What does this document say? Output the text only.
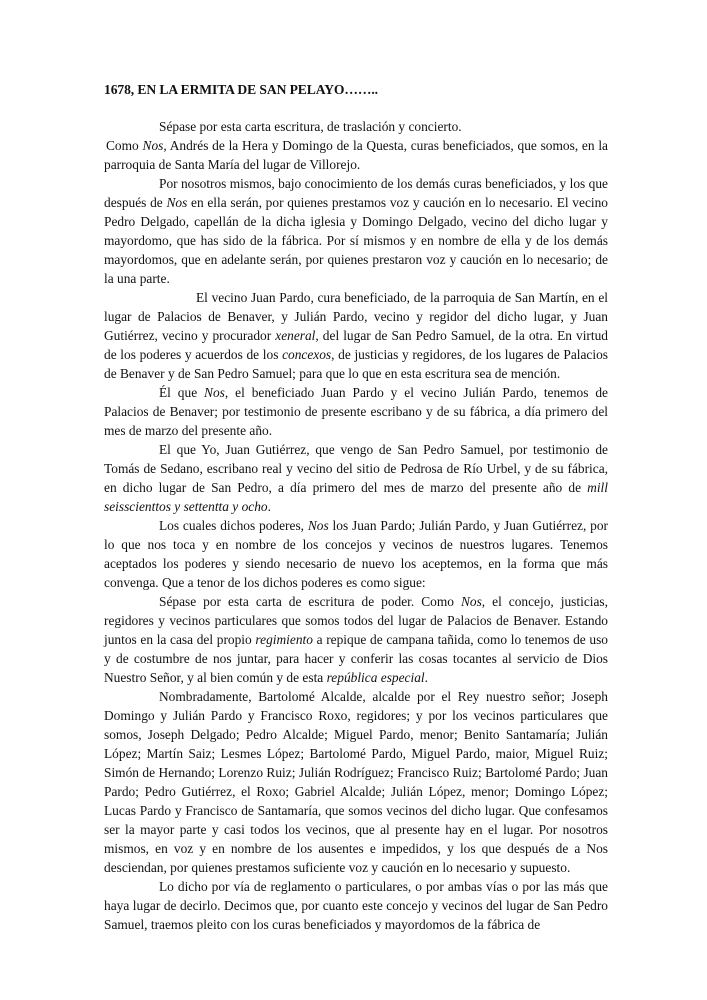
1678, EN LA ERMITA DE SAN PELAYO……..

Sépase por esta carta escritura, de traslación y concierto.

Como Nos, Andrés de la Hera y Domingo de la Questa, curas beneficiados, que somos, en la parroquia de Santa María del lugar de Villorejo.

Por nosotros mismos, bajo conocimiento de los demás curas beneficiados, y los que después de Nos en ella serán, por quienes prestamos voz y caución en lo necesario. El vecino Pedro Delgado, capellán de la dicha iglesia y Domingo Delgado, vecino del dicho lugar y mayordomo, que has sido de la fábrica. Por sí mismos y en nombre de ella y de los demás mayordomos, que en adelante serán, por quienes prestaron voz y caución en lo necesario; de la una parte.

El vecino Juan Pardo, cura beneficiado, de la parroquia de San Martín, en el lugar de Palacios de Benaver, y Julián Pardo, vecino y regidor del dicho lugar, y Juan Gutiérrez, vecino y procurador xeneral, del lugar de San Pedro Samuel, de la otra. En virtud de los poderes y acuerdos de los concexos, de justicias y regidores, de los lugares de Palacios de Benaver y de San Pedro Samuel; para que lo que en esta escritura sea de mención.

Él que Nos, el beneficiado Juan Pardo y el vecino Julián Pardo, tenemos de Palacios de Benaver; por testimonio de presente escribano y de su fábrica, a día primero del mes de marzo del presente año.

El que Yo, Juan Gutiérrez, que vengo de San Pedro Samuel, por testimonio de Tomás de Sedano, escribano real y vecino del sitio de Pedrosa de Río Urbel, y de su fábrica, en dicho lugar de San Pedro, a día primero del mes de marzo del presente año de mill seisscienttos y settentta y ocho.

Los cuales dichos poderes, Nos los Juan Pardo; Julián Pardo, y Juan Gutiérrez, por lo que nos toca y en nombre de los concejos y vecinos de nuestros lugares. Tenemos aceptados los poderes y siendo necesario de nuevo los aceptemos, en la forma que más convenga. Que a tenor de los dichos poderes es como sigue:

Sépase por esta carta de escritura de poder. Como Nos, el concejo, justicias, regidores y vecinos particulares que somos todos del lugar de Palacios de Benaver. Estando juntos en la casa del propio regimiento a repique de campana tañida, como lo tenemos de uso y de costumbre de nos juntar, para hacer y conferir las cosas tocantes al servicio de Dios Nuestro Señor, y al bien común y de esta república especial.

Nombradamente, Bartolomé Alcalde, alcalde por el Rey nuestro señor; Joseph Domingo y Julián Pardo y Francisco Roxo, regidores; y por los vecinos particulares que somos, Joseph Delgado; Pedro Alcalde; Miguel Pardo, menor; Benito Santamaría; Julián López; Martín Saiz; Lesmes López; Bartolomé Pardo, Miguel Pardo, maior, Miguel Ruiz; Simón de Hernando; Lorenzo Ruiz; Julián Rodríguez; Francisco Ruiz; Bartolomé Pardo; Juan Pardo; Pedro Gutiérrez, el Roxo; Gabriel Alcalde; Julián López, menor; Domingo López; Lucas Pardo y Francisco de Santamaría, que somos vecinos del dicho lugar. Que confesamos ser la mayor parte y casi todos los vecinos, que al presente hay en el lugar. Por nosotros mismos, en voz y en nombre de los ausentes e impedidos, y los que después de a Nos desciendan, por quienes prestamos suficiente voz y caución en lo necesario y supuesto.

Lo dicho por vía de reglamento o particulares, o por ambas vías o por las más que haya lugar de decirlo. Decimos que, por cuanto este concejo y vecinos del lugar de San Pedro Samuel, traemos pleito con los curas beneficiados y mayordomos de la fábrica de
